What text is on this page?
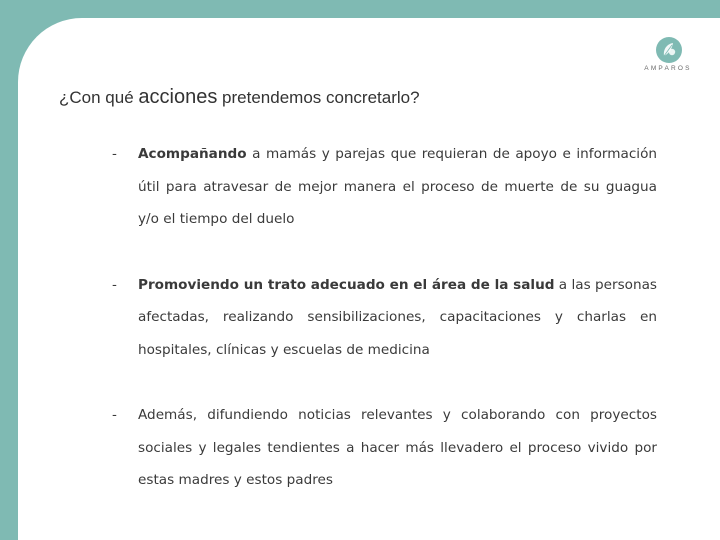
¿Con qué acciones pretendemos concretarlo?
AMPAROS
- Acompañando a mamás y parejas que requieran de apoyo e información útil para atravesar de mejor manera el proceso de muerte de su guagua y/o el tiempo del duelo
- Promoviendo un trato adecuado en el área de la salud a las personas afectadas, realizando sensibilizaciones, capacitaciones y charlas en hospitales, clínicas y escuelas de medicina
- Además, difundiendo noticias relevantes y colaborando con proyectos sociales y legales tendientes a hacer más llevadero el proceso vivido por estas madres y estos padres
